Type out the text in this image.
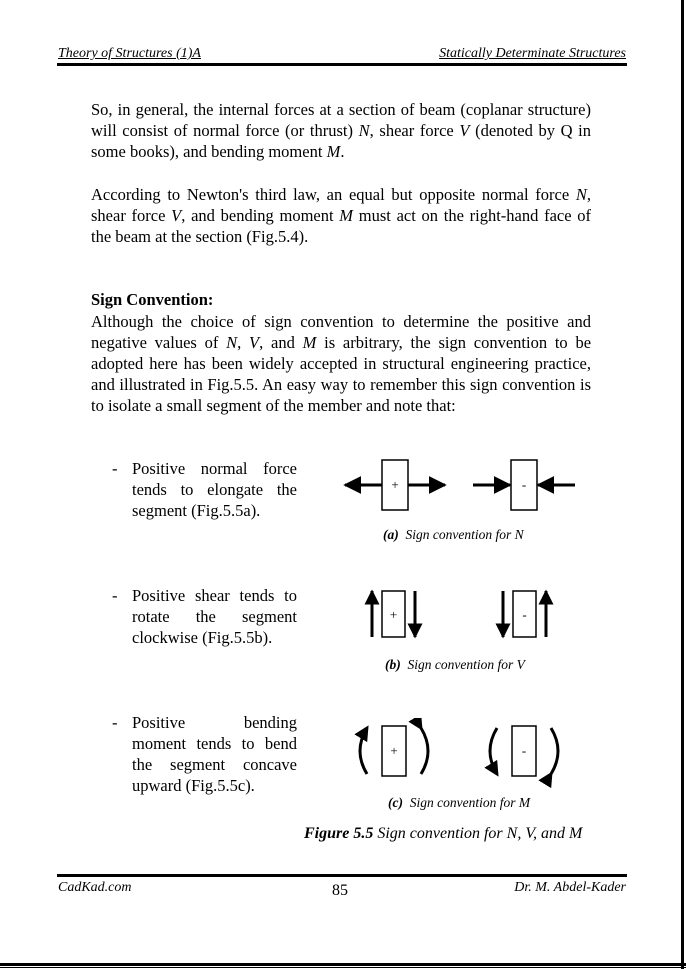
Theory of Structures (1)A	Statically Determinate Structures

So, in general, the internal forces at a section of beam (coplanar structure) will consist of normal force (or thrust) N, shear force V (denoted by Q in some books), and bending moment M.

According to Newton's third law, an equal but opposite normal force N, shear force V, and bending moment M must act on the right-hand face of the beam at the section (Fig.5.4).

Sign Convention:

Although the choice of sign convention to determine the positive and negative values of N, V, and M is arbitrary, the sign convention to be adopted here has been widely accepted in structural engineering practice, and illustrated in Fig.5.5. An easy way to remember this sign convention is to isolate a small segment of the member and note that:

- Positive normal force tends to elongate the segment (Fig.5.5a).
- Positive shear tends to rotate the segment clockwise (Fig.5.5b).
- Positive bending moment tends to bend the segment concave upward (Fig.5.5c).
+	-
(a) Sign convention for N
+	-
(b) Sign convention for V
+	-
(c) Sign convention for M
Figure 5.5 Sign convention for N, V, and M
CadKad.com	85	Dr. M. Abdel-Kader
